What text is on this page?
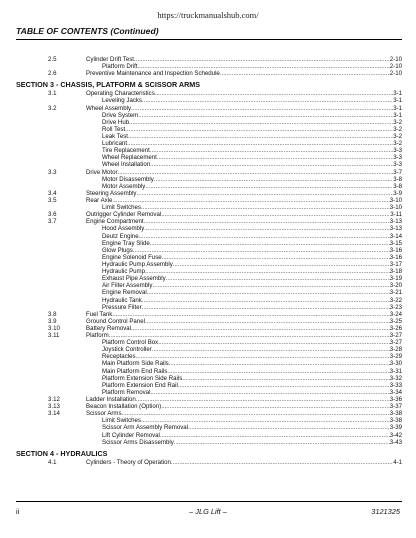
https://truckmanualshub.com/
TABLE OF CONTENTS (Continued)
2.5	Cylinder Drift Test .....	2-10
Platform Drift .....	2-10
2.6	Preventive Maintenance and Inspection Schedule .....	2-10
SECTION 3 - CHASSIS, PLATFORM & SCISSOR ARMS
3.1	Operating Characteristics .....	3-1
Leveling Jacks .....	3-1
3.2	Wheel Assembly .....	3-1
Drive System .....	3-1
Drive Hub .....	3-2
Roll Test .....	3-2
Leak Test .....	3-2
Lubricant .....	3-2
Tire Replacement .....	3-3
Wheel Replacement .....	3-3
Wheel Installation .....	3-3
3.3	Drive Motor .....	3-7
Motor Disassembly .....	3-8
Motor Assembly .....	3-8
3.4	Steering Assembly .....	3-9
3.5	Rear Axle .....	3-10
Limit Switches .....	3-10
3.6	Outrigger Cylinder Removal .....	3-11
3.7	Engine Compartment .....	3-13
Hood Assembly .....	3-13
Deutz Engine .....	3-14
Engine Tray Slide .....	3-15
Glow Plugs .....	3-16
Engine Solenoid Fuse .....	3-16
Hydraulic Pump Assembly .....	3-17
Hydraulic Pump .....	3-18
Exhaust Pipe Assembly .....	3-19
Air Filter Assembly .....	3-20
Engine Removal .....	3-21
Hydraulic Tank .....	3-22
Pressure Filter .....	3-23
3.8	Fuel Tank .....	3-24
3.9	Ground Control Panel .....	3-25
3.10	Battery Removal .....	3-26
3.11	Platform .....	3-27
Platform Control Box .....	3-27
Joystick Controller .....	3-28
Receptacles .....	3-29
Main Platform Side Rails .....	3-30
Main Platform End Rails .....	3-31
Platform Extension Side Rails .....	3-32
Platform Extension End Rail .....	3-33
Platform Removal .....	3-34
3.12	Ladder Installation .....	3-36
3.13	Beacon Installation (Option) .....	3-37
3.14	Scissor Arms .....	3-38
Limit Switches .....	3-38
Scissor Arm Assembly Removal .....	3-39
Lift Cylinder Removal .....	3-42
Scissor Arms Disassembly .....	3-43
SECTION 4 - HYDRAULICS
4.1	Cylinders - Theory of Operation .....	4-1
ii	– JLG Lift –	3121325
